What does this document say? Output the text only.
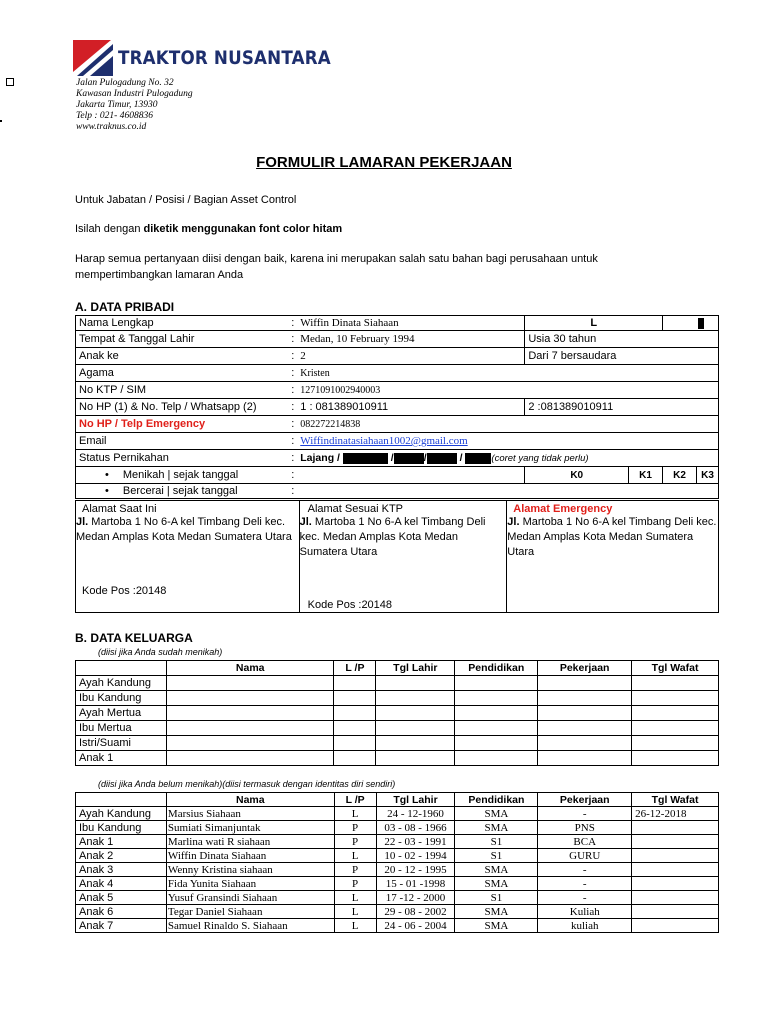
TRAKTOR NUSANTARA
Jalan Pulogadung No. 32
Kawasan Industri Pulogadung
Jakarta Timur, 13930
Telp : 021- 4608836
www.traknus.co.id
FORMULIR LAMARAN PEKERJAAN
Untuk Jabatan / Posisi / Bagian Asset Control
Isilah dengan diketik menggunakan font color hitam
Harap semua pertanyaan diisi dengan baik, karena ini merupakan salah satu bahan bagi perusahaan untuk mempertimbangkan lamaran Anda
A. DATA PRIBADI
Nama Lengkap :	Wiffin Dinata Siahaan	L			
Tempat & Tanggal Lahir :	Medan, 10 February 1994	Usia 30 tahun			
Anak ke :	2	Dari 7 bersaudara			
Agama :	Kristen				
No KTP / SIM :	1271091002940003				
No HP (1) & No. Telp / Whatsapp (2) :	1 : 081389010911	2 :081389010911			
No HP / Telp Emergency :	082272214838				
Email :	Wiffindinatasiahaan1002@gmail.com				
Status Pernikahan :	Lajang / / / / (coret yang tidak perlu)				
• Menikah | sejak tanggal :		K0	K1	K2	K3
• Bercerai | sejak tanggal :					

Alamat Saat Ini
Jl. Martoba 1 No 6-A kel Timbang Deli kec. Medan Amplas Kota Medan Sumatera Utara
Kode Pos :20148

Alamat Sesuai KTP
Jl. Martoba 1 No 6-A kel Timbang Deli kec. Medan Amplas Kota Medan Sumatera Utara
Kode Pos :20148

Alamat Emergency
Jl. Martoba 1 No 6-A kel Timbang Deli kec. Medan Amplas Kota Medan Sumatera Utara
B. DATA KELUARGA
(diisi jika Anda sudah menikah)
	Nama	L /P	Tgl Lahir	Pendidikan	Pekerjaan	Tgl Wafat
Ayah Kandung						
Ibu Kandung						
Ayah Mertua						
Ibu Mertua						
Istri/Suami						
Anak 1						
(diisi jika Anda belum menikah)(diisi termasuk dengan identitas diri sendiri)
	Nama	L /P	Tgl Lahir	Pendidikan	Pekerjaan	Tgl Wafat
Ayah Kandung	Marsius Siahaan	L	24 - 12-1960	SMA	-	26-12-2018
Ibu Kandung	Sumiati Simanjuntak	P	03 - 08 - 1966	SMA	PNS	
Anak 1	Marlina wati R siahaan	P	22 - 03 - 1991	S1	BCA	
Anak 2	Wiffin Dinata Siahaan	L	10 - 02 - 1994	S1	GURU	
Anak 3	Wenny Kristina siahaan	P	20 - 12 - 1995	SMA	-	
Anak 4	Fida Yunita Siahaan	P	15 - 01 -1998	SMA	-	
Anak 5	Yusuf Gransindi Siahaan	L	17 -12 - 2000	S1	-	
Anak 6	Tegar Daniel Siahaan	L	29 - 08 - 2002	SMA	Kuliah	
Anak 7	Samuel Rinaldo S. Siahaan	L	24 - 06 - 2004	SMA	kuliah	
